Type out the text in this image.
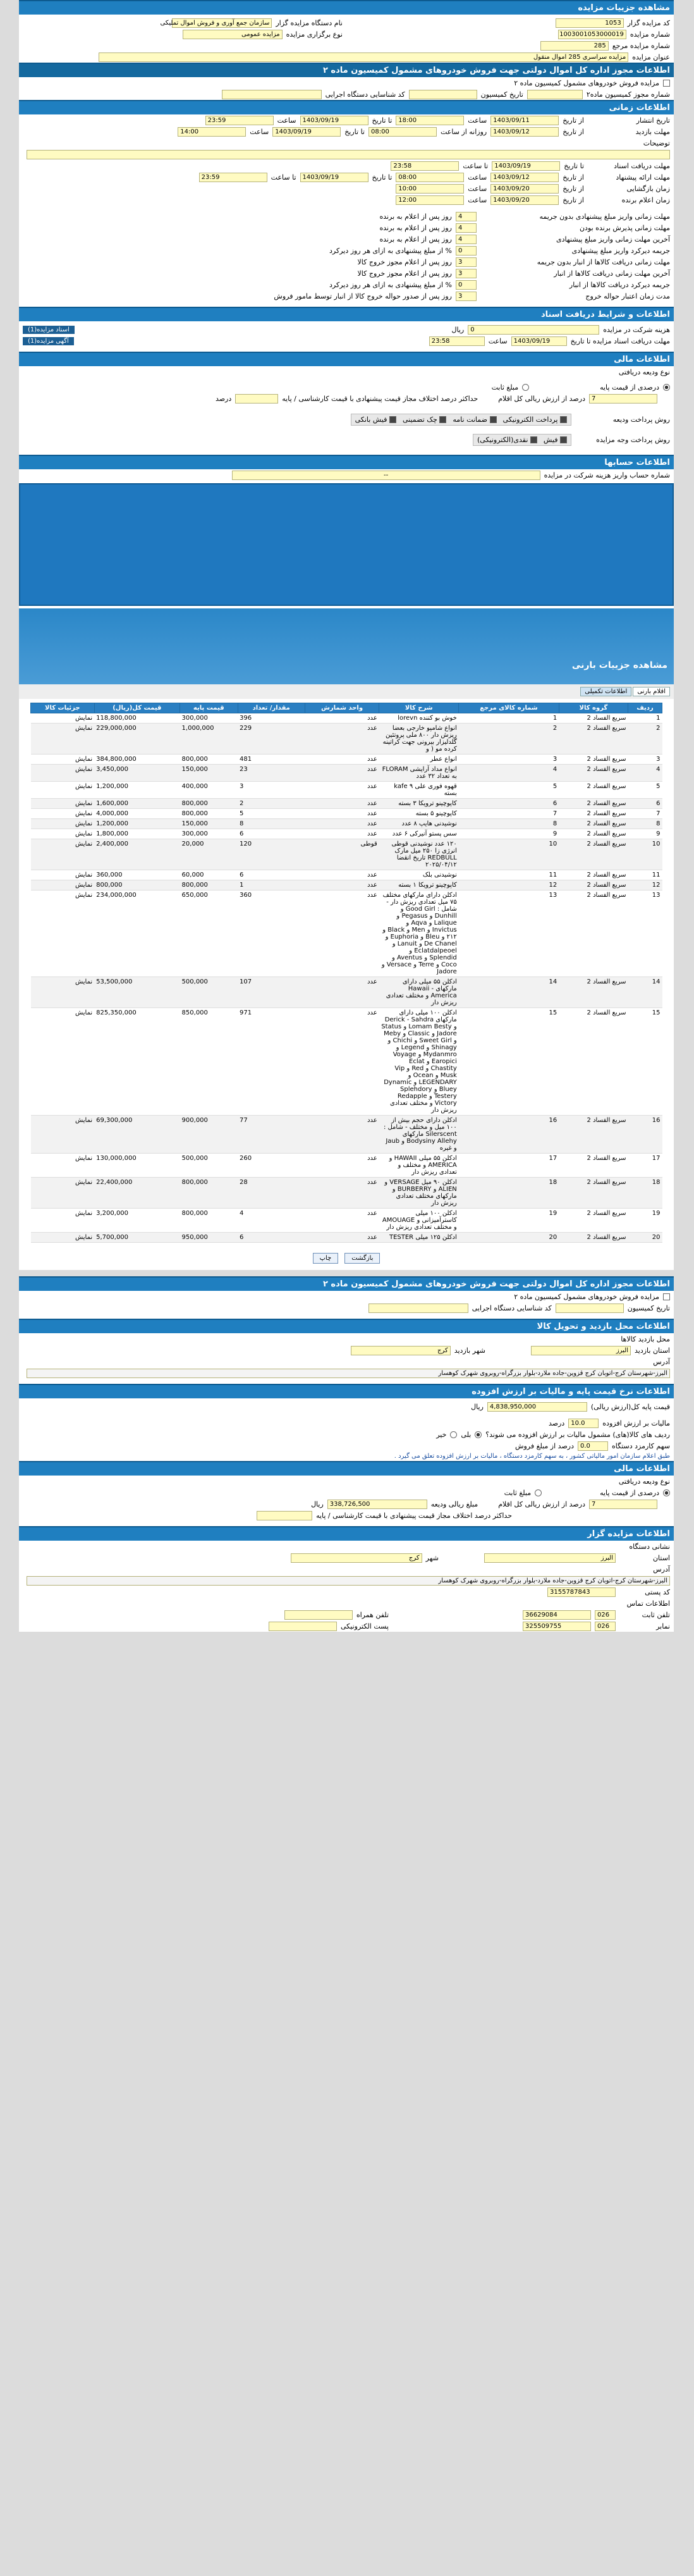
مشاهده جزییات مزایده
کد مزایده گزار
1053
نام دستگاه مزایده گزار
سازمان جمع آوری و فروش اموال تملیکی
شماره مزایده
1003001053000019
نوع برگزاری مزایده
مزایده عمومی
شماره مزایده مرجع
285
عنوان مزایده
مزایده سراسری 285 اموال منقول
اطلاعات مجوز اداره کل اموال دولتی جهت فروش خودروهای مشمول کمیسیون ماده ۲
مزایده فروش خودروهای مشمول کمیسیون ماده ۲
شماره مجوز کمیسیون ماده۲
تاریخ کمیسیون
کد شناسایی دستگاه اجرایی
اطلاعات زمانی
تاریخ انتشار
از تاریخ
1403/09/11
ساعت
18:00
تا تاریخ
1403/09/19
ساعت
23:59
مهلت بازدید
از تاریخ
1403/09/12
روزانه از ساعت
08:00
تا تاریخ
1403/09/19
ساعت
14:00
توضیحات
مهلت دریافت اسناد
تا تاریخ
1403/09/19
تا ساعت
23:58
مهلت ارائه پیشنهاد
از تاریخ
1403/09/12
ساعت
08:00
تا تاریخ
1403/09/19
تا ساعت
23:59
زمان بازگشایی
از تاریخ
1403/09/20
ساعت
10:00
زمان اعلام برنده
از تاریخ
1403/09/20
ساعت
12:00
مهلت زمانی واریز مبلغ پیشنهادی بدون جریمه
4
روز پس از اعلام به برنده
مهلت زمانی پذیرش برنده بودن
4
روز پس از اعلام به برنده
آخرین مهلت زمانی واریز مبلغ پیشنهادی
4
روز پس از اعلام به برنده
جریمه دیرکرد واریز مبلغ پیشنهادی
0
% از مبلغ پیشنهادی به ازای هر روز دیرکرد
مهلت زمانی دریافت کالاها از انبار بدون جریمه
3
روز پس از اعلام مجوز خروج کالا
آخرین مهلت زمانی دریافت کالاها از انبار
3
روز پس از اعلام مجوز خروج کالا
جریمه دیرکرد دریافت کالاها از انبار
0
% از مبلغ پیشنهادی به ازای هر روز دیرکرد
مدت زمان اعتبار حواله خروج
3
روز پس از صدور حواله خروج کالا از انبار توسط مامور فروش
اطلاعات و شرایط دریافت اسناد
هزینه شرکت در مزایده
0
ریال
اسناد مزایده(1)
مهلت دریافت اسناد مزایده تا تاریخ
1403/09/19
ساعت
23:58
آگهی مزایده(1)
اطلاعات مالی
نوع ودیعه دریافتی
درصدی از قیمت پایه
مبلغ ثابت
7
درصد از ارزش ریالی کل اقلام
حداکثر درصد اختلاف مجاز قیمت پیشنهادی با قیمت کارشناسی / پایه
درصد
روش پرداخت ودیعه
پرداخت الکترونیکی
ضمانت نامه
چک تضمینی
فیش بانکی
روش پرداخت وجه مزایده
فیش
نقدی(الکترونیکی)
اطلاعات حسابها
شماره حساب واریز هزینه شرکت در مزایده
--
مشاهده جزییات بارنی
اقلام بارنی
اطلاعات تکمیلی
ردیف	گروه کالا	شماره کالای مرجع	شرح کالا	واحد شمارش	مقدار/ تعداد	قیمت پایه	قیمت کل(ریال)	جزئیات کالا
1	سریع الفساد 2	1	خوش بو کننده lorevn	عدد	396	300,000	118,800,000	نمایش
2	سریع الفساد 2	2	انواع شامپو خارجی بعضا ریزش دار ۸۰۰ ملی پروتئین گلدلیزار بیرونی جهت کراتینه کرده مو ( و	عدد	229	1,000,000	229,000,000	نمایش
3	سریع الفساد 2	3	انواع عطر	عدد	481	800,000	384,800,000	نمایش
4	سریع الفساد 2	4	انواع مداد آرایشی FLORAM به تعداد ۳۲ عدد	عدد	23	150,000	3,450,000	نمایش
5	سریع الفساد 2	5	قهوه فوری علی kafe ۹ بسته	عدد	3	400,000	1,200,000	نمایش
6	سریع الفساد 2	6	کاپوچینو ترویکا ۳ بسته	عدد	2	800,000	1,600,000	نمایش
7	سریع الفساد 2	7	کاپوچینو ۵ بسته	عدد	5	800,000	4,000,000	نمایش
8	سریع الفساد 2	8	نوشیدنی هایپ ۸ عدد	عدد	8	150,000	1,200,000	نمایش
9	سریع الفساد 2	9	سس پستو آنیرکی ۶ عدد	عدد	6	300,000	1,800,000	نمایش
10	سریع الفساد 2	10	۱۲۰ عدد نوشیدنی قوطی انرژی زا ۲۵۰ میل مارک REDBULL تاریخ انقضا ۲۰۲۵/۰۴/۱۲	قوطی	120	20,000	2,400,000	نمایش
11	سریع الفساد 2	11	نوشیدنی بلک	عدد	6	60,000	360,000	نمایش
12	سریع الفساد 2	12	کاپوچینو ترویکا ۱ بسته	عدد	1	800,000	800,000	نمایش
13	سریع الفساد 2	13	ادکلن دارای مارکهای مختلف ۷۵ میل تعدادی ریزش دار - شامل : Good Girl و Dunhill و Pegasus و Lalique و Aqva و Invictus و Men و Black و ۲۱۲ و Bleu و Euphoria و De Chanel و Lanuit و Eclatdalpeoel و Splendid و Aventus و Coco و Terre و Versace و Jadore	عدد	360	650,000	234,000,000	نمایش
14	سریع الفساد 2	14	ادکلن ۵۵ میلی دارای مارکهای Hawaii - America و مختلف تعدادی ریزش دار	عدد	107	500,000	53,500,000	نمایش
15	سریع الفساد 2	15	ادکلن ۱۰۰ میلی دارای مارکهای Derick - Sahdra و Lomam Besty و Status Jadore و Classic و Meby و Sweet Girl و Chichi و Shinagy و Legend و Mydanmro و Voyage Earopici و Eclat Chastity و Red و Vip Musk و Ocean و LEGENDARY و Dynamic Bluey و Splehdory Testery و Redapple Victory و مختلف تعدادی ریزش دار	عدد	971	850,000	825,350,000	نمایش
16	سریع الفساد 2	16	ادکلن دارای حجم بیش از ۱۰۰ میل و مختلف - شامل : Silerscent مارکهای Bodysiny Allehy و Jaub و غیره	عدد	77	900,000	69,300,000	نمایش
17	سریع الفساد 2	17	ادکلن ۵۵ میلی HAWAII و AMERICA و مختلف و تعدادی ریزش دار	عدد	260	500,000	130,000,000	نمایش
18	سریع الفساد 2	18	ادکلن ۹۰ میل VERSAGE و ALIEN و BURBERRY و مارکهای مختلف تعدادی ریزش دار	عدد	28	800,000	22,400,000	نمایش
19	سریع الفساد 2	19	ادکلن ۱۰۰ میلی کاسترآمیزانی و AMOUAGE و مختلف تعدادی ریزش دار	عدد	4	800,000	3,200,000	نمایش
20	سریع الفساد 2	20	ادکلن ۱۲۵ میلی TESTER	عدد	6	950,000	5,700,000	نمایش
بازگشت
چاپ
اطلاعات مجوز اداره کل اموال دولتی جهت فروش خودروهای مشمول کمیسیون ماده ۲
مزایده فروش خودروهای مشمول کمیسیون ماده ۲
تاریخ کمیسیون
کد شناسایی دستگاه اجرایی
اطلاعات محل بازدید و تحویل کالا
محل بازدید کالاها
استان بازدید
البرز
شهر بازدید
کرج
آدرس
البرز-شهرستان کرج-اتوبان کرج قزوین-جاده ملارد-بلوار بزرگراه-روبروی شهرک کوهسار
اطلاعات نرخ قیمت پایه و مالیات بر ارزش افزوده
قیمت پایه کل(ارزش ریالی)
4,838,950,000
ریال
مالیات بر ارزش افزوده
10.0
درصد
ردیف های کالا(های) مشمول مالیات بر ارزش افزوده می شوند؟
بلی
خیر
سهم کارمزد دستگاه
0.0
درصد از مبلغ فروش
طبق اعلام سازمان امور مالیاتی کشور ، به سهم کارمزد دستگاه ، مالیات بر ارزش افزوده تعلق می گیرد .
اطلاعات مالی
نوع ودیعه دریافتی
درصدی از قیمت پایه
مبلغ ثابت
7
درصد از ارزش ریالی کل اقلام
مبلغ ریالی ودیعه
338,726,500
ریال
حداکثر درصد اختلاف مجاز قیمت پیشنهادی با قیمت کارشناسی / پایه
اطلاعات مزایده گزار
نشانی دستگاه
استان
البرز
شهر
کرج
آدرس
البرز-شهرستان کرج-اتوبان کرج قزوین-جاده ملارد-بلوار بزرگراه-روبروی شهرک کوهسار
کد پستی
3155787843
اطلاعات تماس
تلفن ثابت
026
36629084
تلفن همراه
نمابر
026
325509755
پست الکترونیکی
